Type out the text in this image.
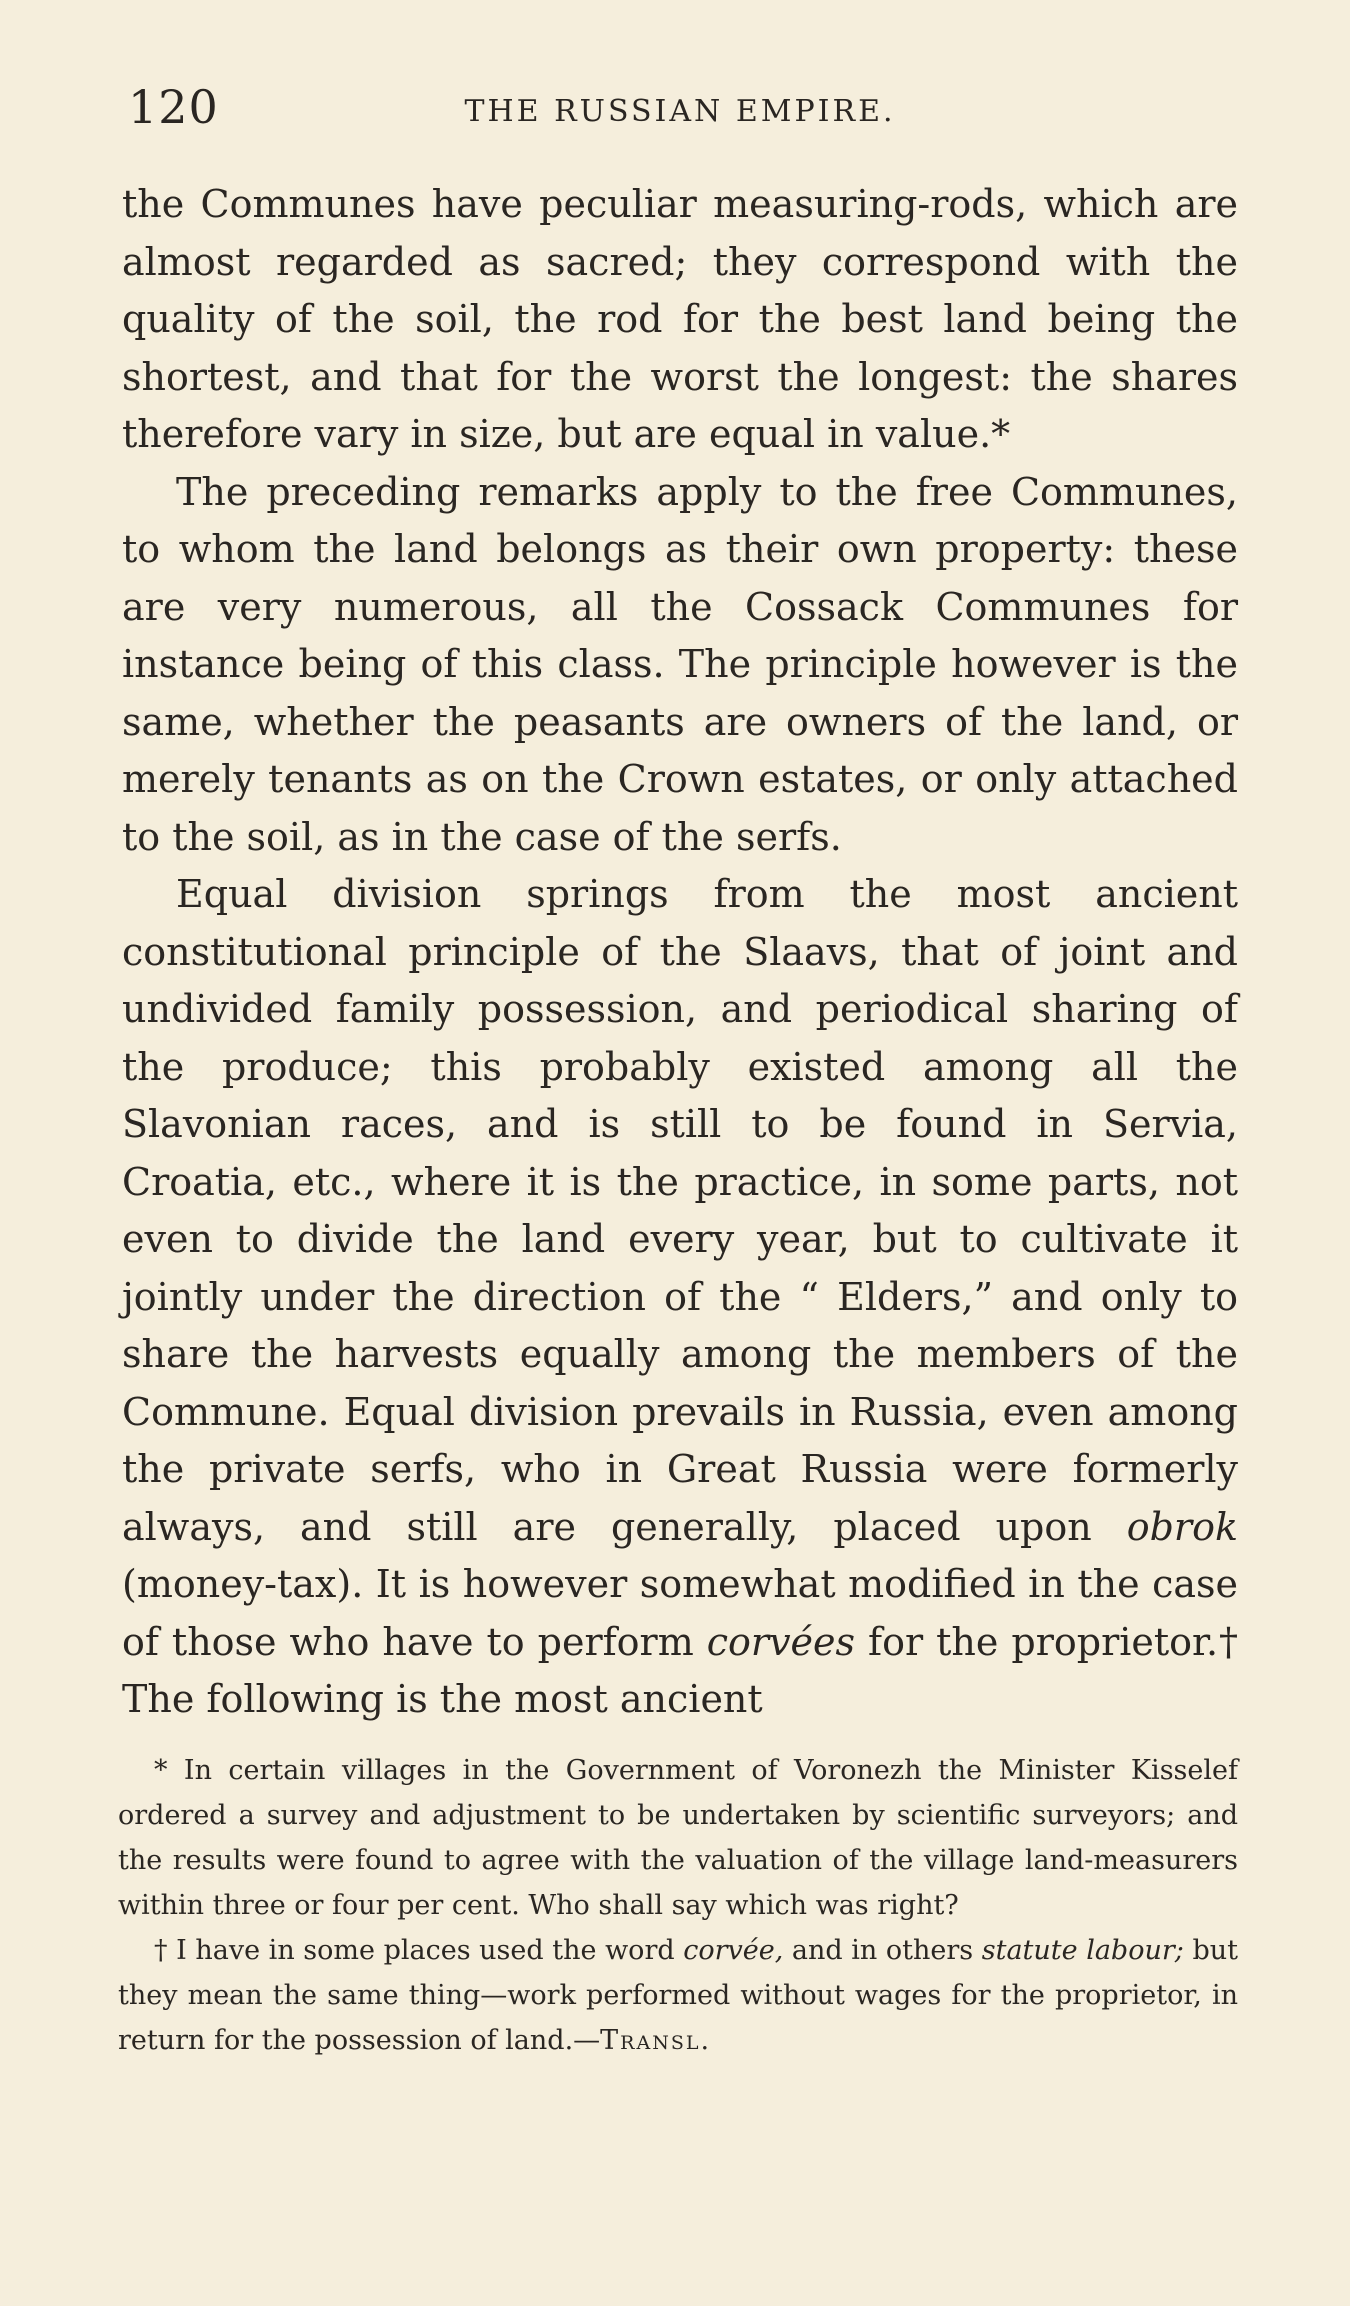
120	THE RUSSIAN EMPIRE.

the Communes have peculiar measuring-rods, which are almost regarded as sacred; they correspond with the quality of the soil, the rod for the best land being the shortest, and that for the worst the longest: the shares therefore vary in size, but are equal in value.*

The preceding remarks apply to the free Communes, to whom the land belongs as their own property: these are very numerous, all the Cossack Communes for instance being of this class. The principle however is the same, whether the peasants are owners of the land, or merely tenants as on the Crown estates, or only attached to the soil, as in the case of the serfs.

Equal division springs from the most ancient constitutional principle of the Slaavs, that of joint and undivided family possession, and periodical sharing of the produce; this probably existed among all the Slavonian races, and is still to be found in Servia, Croatia, etc., where it is the practice, in some parts, not even to divide the land every year, but to cultivate it jointly under the direction of the “ Elders,” and only to share the harvests equally among the members of the Commune. Equal division prevails in Russia, even among the private serfs, who in Great Russia were formerly always, and still are generally, placed upon obrok (money-tax). It is however somewhat modified in the case of those who have to perform corvées for the proprietor.† The following is the most ancient

* In certain villages in the Government of Voronezh the Minister Kisselef ordered a survey and adjustment to be undertaken by scientific surveyors; and the results were found to agree with the valuation of the village land-measurers within three or four per cent. Who shall say which was right?

† I have in some places used the word corvée, and in others statute labour; but they mean the same thing—work performed without wages for the proprietor, in return for the possession of land.—Transl.
